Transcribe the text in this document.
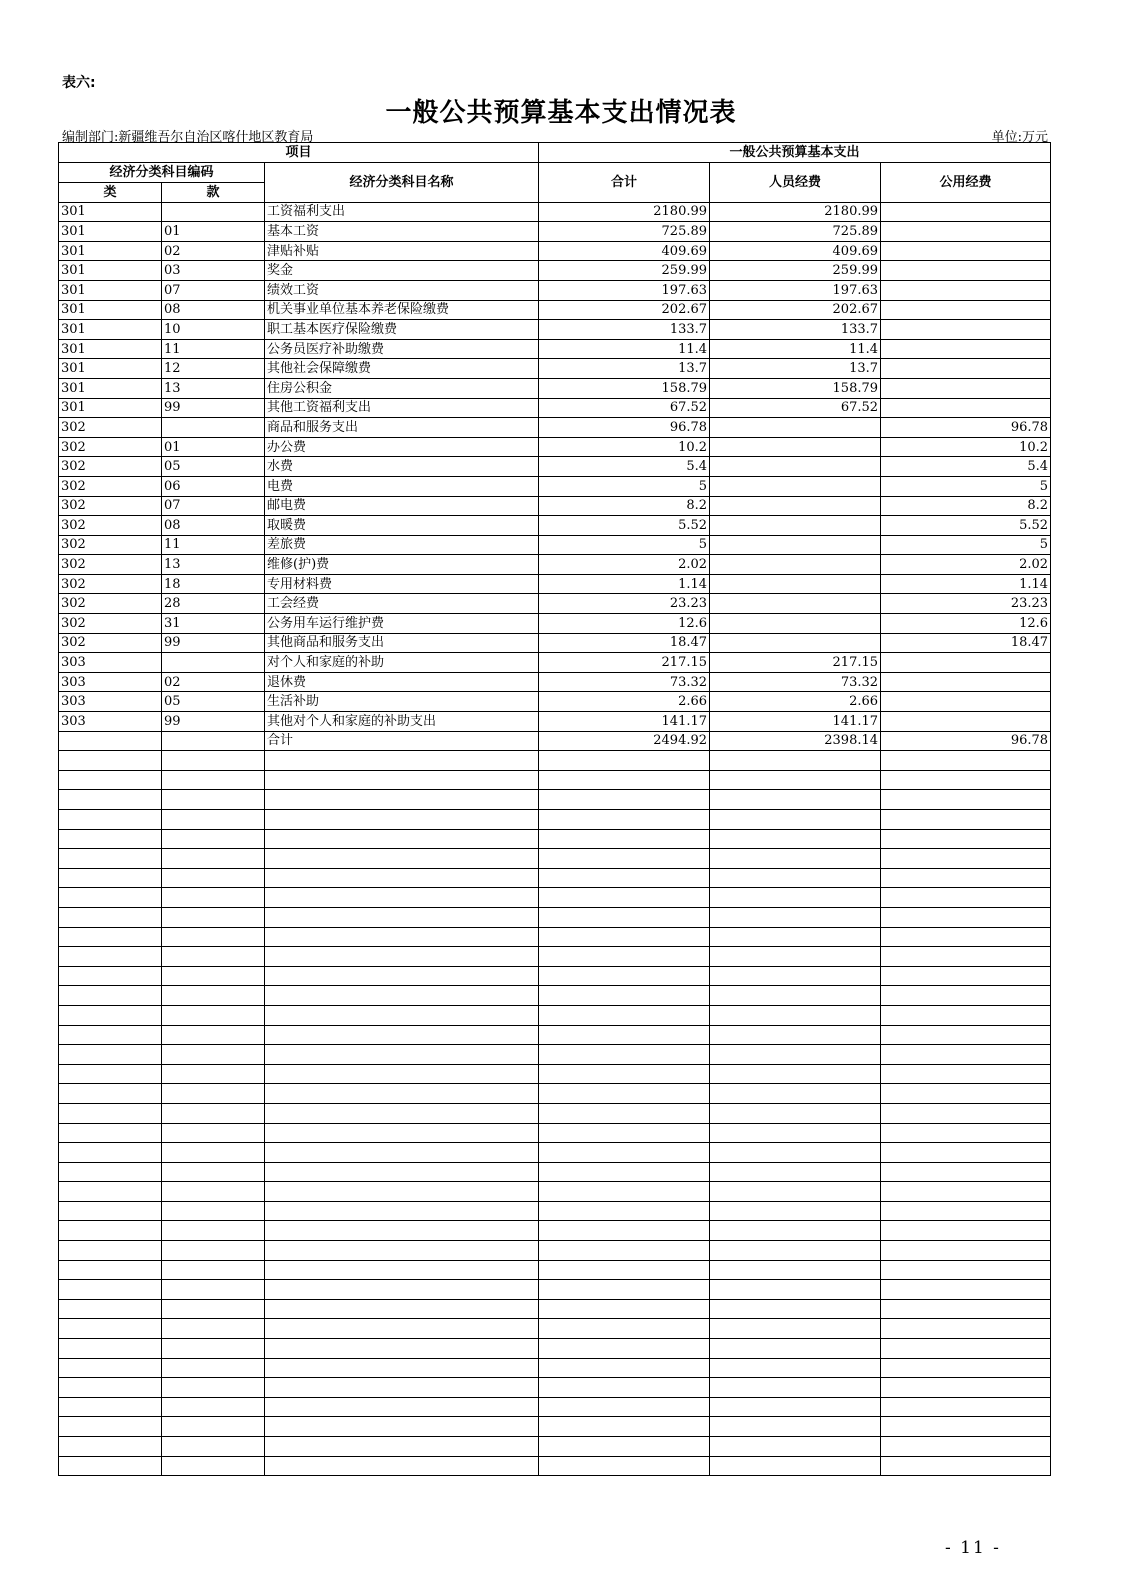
表六:
一般公共预算基本支出情况表
编制部门:新疆维吾尔自治区喀什地区教育局	单位:万元
项目			一般公共预算基本支出		

经济分类科目编码
类 款		经济分类科目名称	合计	人员经费	公用经费
301		工资福利支出	2180.99	2180.99	
301	01	基本工资	725.89	725.89	
301	02	津贴补贴	409.69	409.69	
301	03	奖金	259.99	259.99	
301	07	绩效工资	197.63	197.63	
301	08	机关事业单位基本养老保险缴费	202.67	202.67	
301	10	职工基本医疗保险缴费	133.7	133.7	
301	11	公务员医疗补助缴费	11.4	11.4	
301	12	其他社会保障缴费	13.7	13.7	
301	13	住房公积金	158.79	158.79	
301	99	其他工资福利支出	67.52	67.52	
302		商品和服务支出	96.78		96.78
302	01	办公费	10.2		10.2
302	05	水费	5.4		5.4
302	06	电费	5		5
302	07	邮电费	8.2		8.2
302	08	取暖费	5.52		5.52
302	11	差旅费	5		5
302	13	维修(护)费	2.02		2.02
302	18	专用材料费	1.14		1.14
302	28	工会经费	23.23		23.23
302	31	公务用车运行维护费	12.6		12.6
302	99	其他商品和服务支出	18.47		18.47
303		对个人和家庭的补助	217.15	217.15	
303	02	退休费	73.32	73.32	
303	05	生活补助	2.66	2.66	
303	99	其他对个人和家庭的补助支出	141.17	141.17	
		合计	2494.92	2398.14	96.78

- 11 -
